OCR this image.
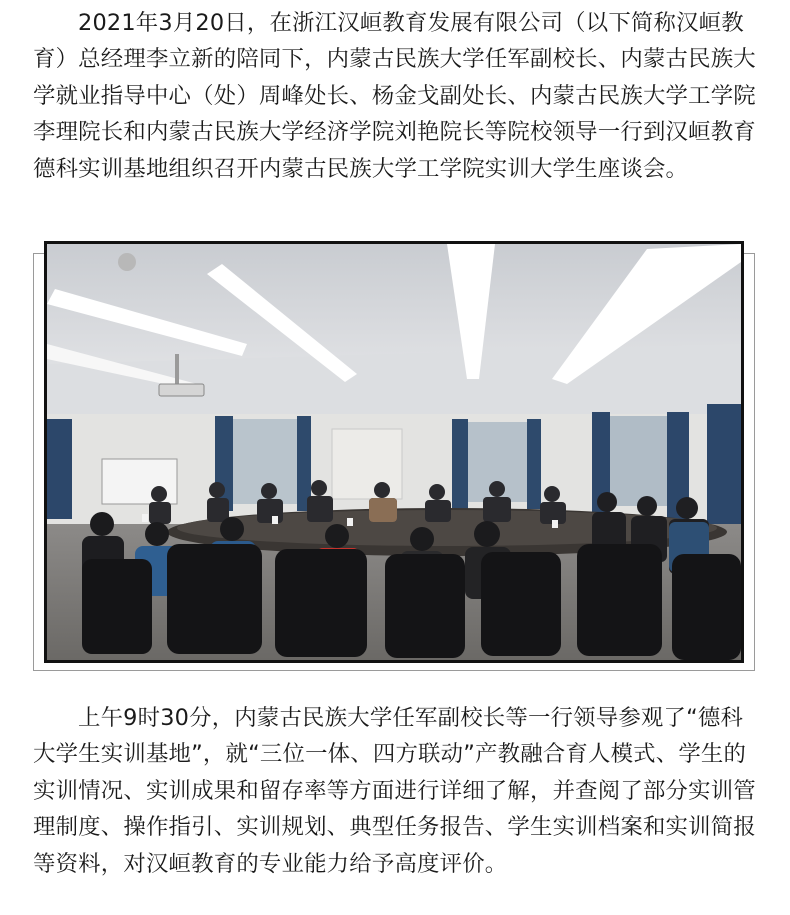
2021年3月20日，在浙江汉峘教育发展有限公司（以下简称汉峘教育）总经理李立新的陪同下，内蒙古民族大学任军副校长、内蒙古民族大学就业指导中心（处）周峰处长、杨金戈副处长、内蒙古民族大学工学院李理院长和内蒙古民族大学经济学院刘艳院长等院校领导一行到汉峘教育德科实训基地组织召开内蒙古民族大学工学院实训大学生座谈会。

上午9时30分，内蒙古民族大学任军副校长等一行领导参观了“德科大学生实训基地”，就“三位一体、四方联动”产教融合育人模式、学生的实训情况、实训成果和留存率等方面进行详细了解，并查阅了部分实训管理制度、操作指引、实训规划、典型任务报告、学生实训档案和实训简报等资料，对汉峘教育的专业能力给予高度评价。
